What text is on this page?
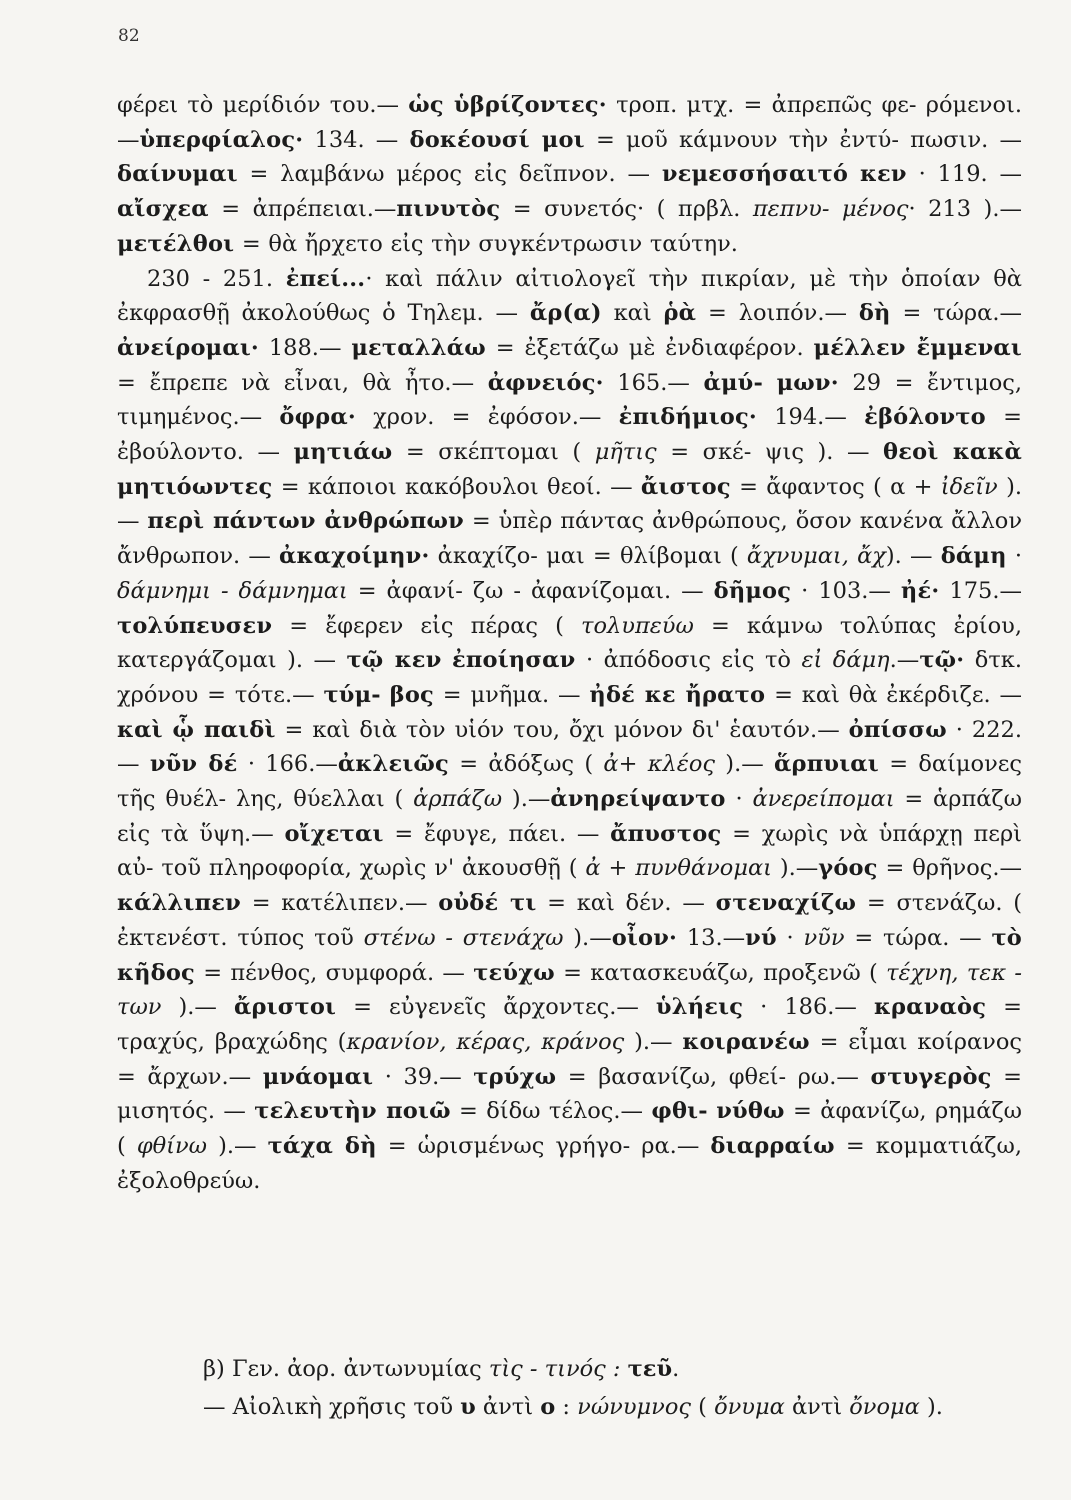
82

φέρει τὸ μερίδιόν του.— ὡς ὑβρίζοντες· τροπ. μτχ. = ἀπρεπῶς φε- ρόμενοι.—ὑπερφίαλος· 134. — δοκέουσί μοι = μοῦ κάμνουν τὴν ἐντύ- πωσιν. — δαίνυμαι = λαμβάνω μέρος εἰς δεῖπνον. — νεμεσσήσαιτό κεν · 119. — αἴσχεα = ἀπρέπειαι.—πινυτὸς = συνετός· ( πρβλ. πεπνυ- μένος· 213 ).— μετέλθοι = θὰ ἤρχετο εἰς τὴν συγκέντρωσιν ταύτην.

230 - 251. ἐπεί...· καὶ πάλιν αἰτιολογεῖ τὴν πικρίαν, μὲ τὴν ὁποίαν θὰ ἐκφρασθῇ ἀκολούθως ὁ Τηλεμ. — ἄρ(α) καὶ ῥὰ = λοιπόν.— δὴ = τώρα.— ἀνείρομαι· 188.— μεταλλάω = ἐξετάζω μὲ ἐνδιαφέρον. μέλλεν ἔμμεναι = ἔπρεπε νὰ εἶναι, θὰ ἦτο.— ἀφνειός· 165.— ἀμύ- μων· 29 = ἔντιμος, τιμημένος.— ὄφρα· χρον. = ἐφόσον.— ἐπιδήμιος· 194.— ἐβόλοντο = ἐβούλοντο. — μητιάω = σκέπτομαι ( μῆτις = σκέ- ψις ). — θεοὶ κακὰ μητιόωντες = κάποιοι κακόβουλοι θεοί. — ἄιστος = ἄφαντος ( α + ἰδεῖν ). — περὶ πάντων ἀνθρώπων = ὑπὲρ πάντας ἀνθρώπους, ὅσον κανένα ἄλλον ἄνθρωπον. — ἀκαχοίμην· ἀκαχίζο- μαι = θλίβομαι ( ἄχνυμαι, ἄχ). — δάμη · δάμνημι - δάμνημαι = ἀφανί- ζω - ἀφανίζομαι. — δῆμος · 103.— ἠέ· 175.— τολύπευσεν = ἔφερεν εἰς πέρας ( τολυπεύω = κάμνω τολύπας ἐρίου, κατεργάζομαι ). — τῷ κεν ἐποίησαν · ἀπόδοσις εἰς τὸ εἰ δάμη.—τῷ· δτκ. χρόνου = τότε.— τύμ- βος = μνῆμα. — ἠδέ κε ἤρατο = καὶ θὰ ἐκέρδιζε. — καὶ ᾧ παιδὶ = καὶ διὰ τὸν υἱόν του, ὄχι μόνον δι' ἑαυτόν.— ὀπίσσω · 222.— νῦν δέ · 166.—ἀκλειῶς = ἀδόξως ( ἀ+ κλέος ).— ἅρπυιαι = δαίμονες τῆς θυέλ- λης, θύελλαι ( ἁρπάζω ).—ἀνηρείψαντο · ἀνερείπομαι = ἁρπάζω εἰς τὰ ὕψη.— οἴχεται = ἔφυγε, πάει. — ἄπυστος = χωρὶς νὰ ὑπάρχῃ περὶ αὐ- τοῦ πληροφορία, χωρὶς ν' ἀκουσθῇ ( ἀ + πυνθάνομαι ).—γόος = θρῆνος.— κάλλιπεν = κατέλιπεν.— οὐδέ τι = καὶ δέν. — στεναχίζω = στενάζω. ( ἐκτενέστ. τύπος τοῦ στένω - στενάχω ).—οἶον· 13.—νύ · νῦν = τώρα. — τὸ κῆδος = πένθος, συμφορά. — τεύχω = κατασκευάζω, προξενῶ ( τέχνη, τεκ - των ).— ἄριστοι = εὐγενεῖς ἄρχοντες.— ὑλήεις · 186.— κραναὸς = τραχύς, βραχώδης (κρανίον, κέρας, κράνος ).— κοιρανέω = εἶμαι κοίρανος = ἄρχων.— μνάομαι · 39.— τρύχω = βασανίζω, φθεί- ρω.— στυγερὸς = μισητός. — τελευτὴν ποιῶ = δίδω τέλος.— φθι- νύθω = ἀφανίζω, ρημάζω ( φθίνω ).— τάχα δὴ = ὡρισμένως γρήγο- ρα.— διαρραίω = κομματιάζω, ἐξολοθρεύω.

β) Γεν. ἀορ. ἀντωνυμίας τὶς - τινός : τεῦ.

— Αἰολικὴ χρῆσις τοῦ υ ἀντὶ ο : νώνυμνος ( ὄνυμα ἀντὶ ὄνομα ).
